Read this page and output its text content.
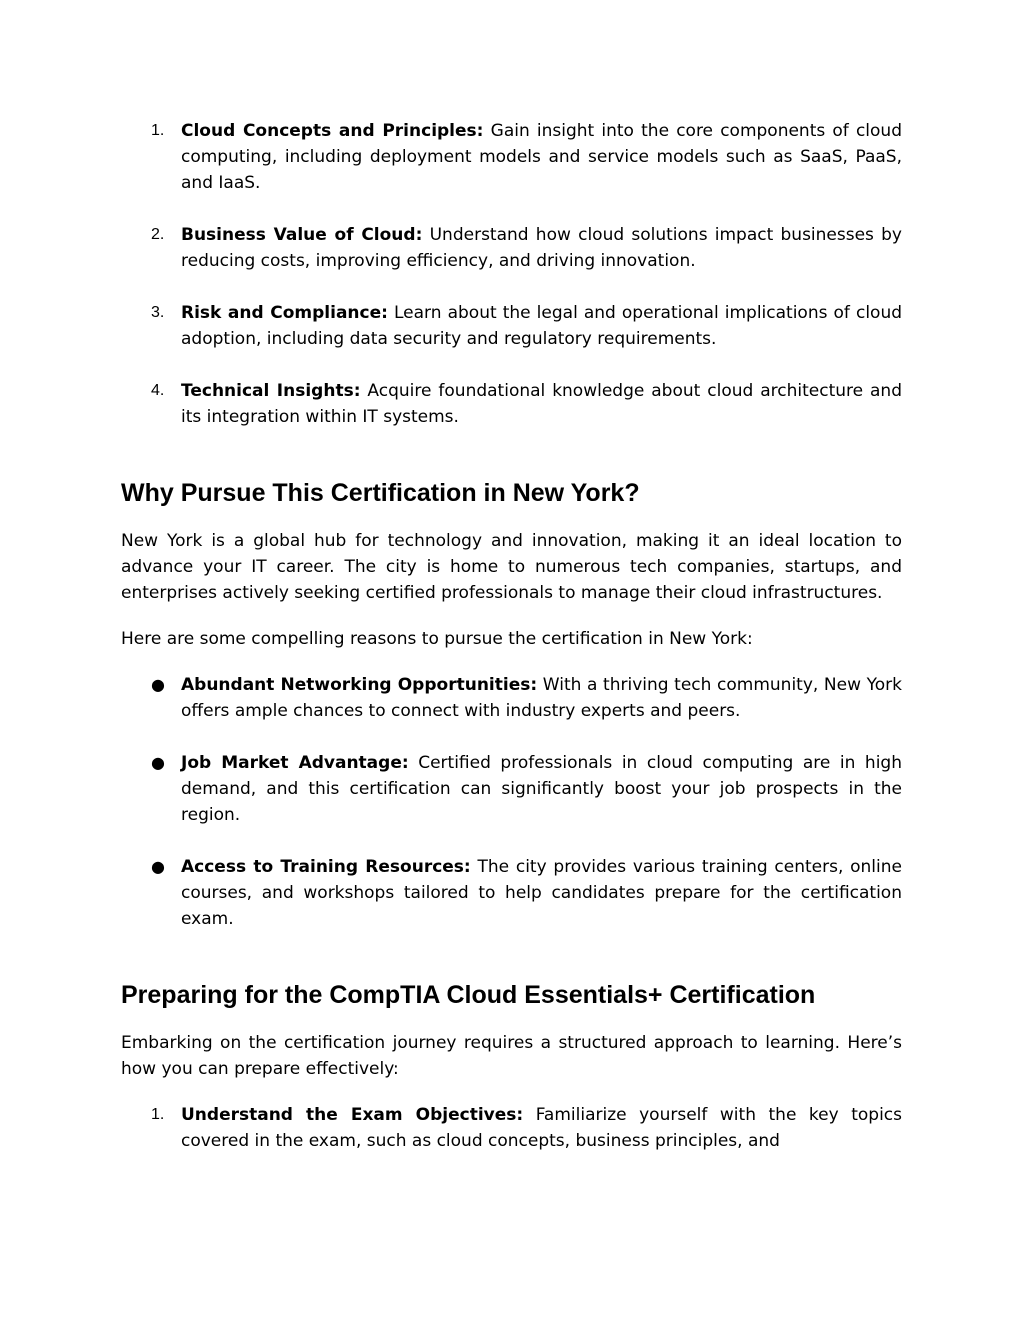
1. Cloud Concepts and Principles: Gain insight into the core components of cloud computing, including deployment models and service models such as SaaS, PaaS, and IaaS.
2. Business Value of Cloud: Understand how cloud solutions impact businesses by reducing costs, improving efficiency, and driving innovation.
3. Risk and Compliance: Learn about the legal and operational implications of cloud adoption, including data security and regulatory requirements.
4. Technical Insights: Acquire foundational knowledge about cloud architecture and its integration within IT systems.
Why Pursue This Certification in New York?

New York is a global hub for technology and innovation, making it an ideal location to advance your IT career. The city is home to numerous tech companies, startups, and enterprises actively seeking certified professionals to manage their cloud infrastructures.

Here are some compelling reasons to pursue the certification in New York:

● Abundant Networking Opportunities: With a thriving tech community, New York offers ample chances to connect with industry experts and peers.
● Job Market Advantage: Certified professionals in cloud computing are in high demand, and this certification can significantly boost your job prospects in the region.
● Access to Training Resources: The city provides various training centers, online courses, and workshops tailored to help candidates prepare for the certification exam.
Preparing for the CompTIA Cloud Essentials+ Certification

Embarking on the certification journey requires a structured approach to learning. Here’s how you can prepare effectively:

1. Understand the Exam Objectives: Familiarize yourself with the key topics covered in the exam, such as cloud concepts, business principles, and
